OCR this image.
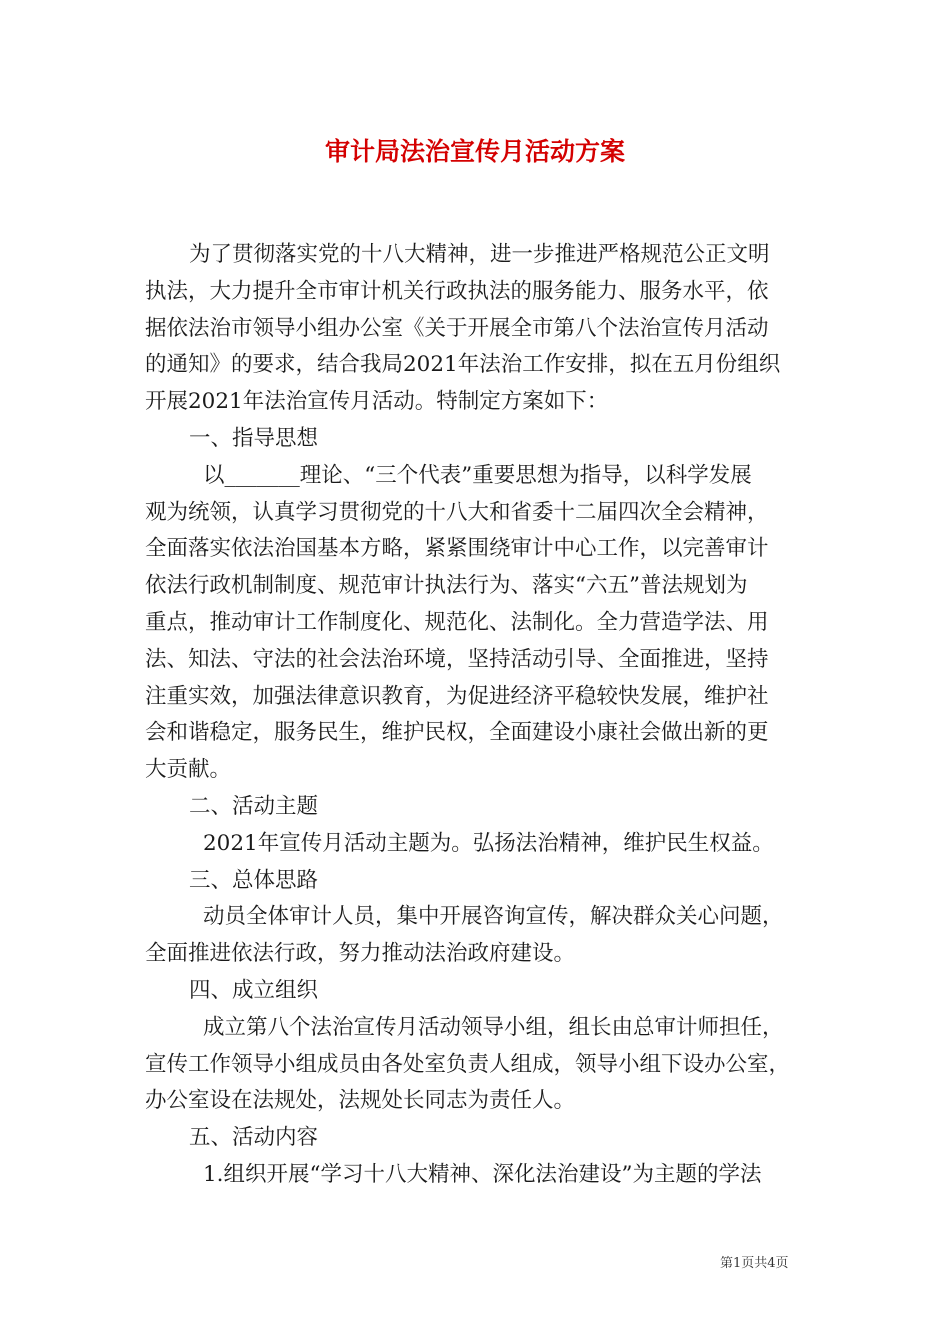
审计局法治宣传月活动方案
为了贯彻落实党的十八大精神，进一步推进严格规范公正文明
执法，大力提升全市审计机关行政执法的服务能力、服务水平，依
据依法治市领导小组办公室《关于开展全市第八个法治宣传月活动
的通知》的要求，结合我局2021年法治工作安排，拟在五月份组织
开展2021年法治宣传月活动。特制定方案如下：
一、指导思想
以_______理论、“三个代表”重要思想为指导，以科学发展
观为统领，认真学习贯彻党的十八大和省委十二届四次全会精神，
全面落实依法治国基本方略，紧紧围绕审计中心工作，以完善审计
依法行政机制制度、规范审计执法行为、落实“六五”普法规划为
重点，推动审计工作制度化、规范化、法制化。全力营造学法、用
法、知法、守法的社会法治环境，坚持活动引导、全面推进，坚持
注重实效，加强法律意识教育，为促进经济平稳较快发展，维护社
会和谐稳定，服务民生，维护民权，全面建设小康社会做出新的更
大贡献。
二、活动主题
2021年宣传月活动主题为。弘扬法治精神，维护民生权益。
三、总体思路
动员全体审计人员，集中开展咨询宣传，解决群众关心问题，
全面推进依法行政，努力推动法治政府建设。
四、成立组织
成立第八个法治宣传月活动领导小组，组长由总审计师担任，
宣传工作领导小组成员由各处室负责人组成，领导小组下设办公室，
办公室设在法规处，法规处长同志为责任人。
五、活动内容
1.组织开展“学习十八大精神、深化法治建设”为主题的学法
第1页共4页
